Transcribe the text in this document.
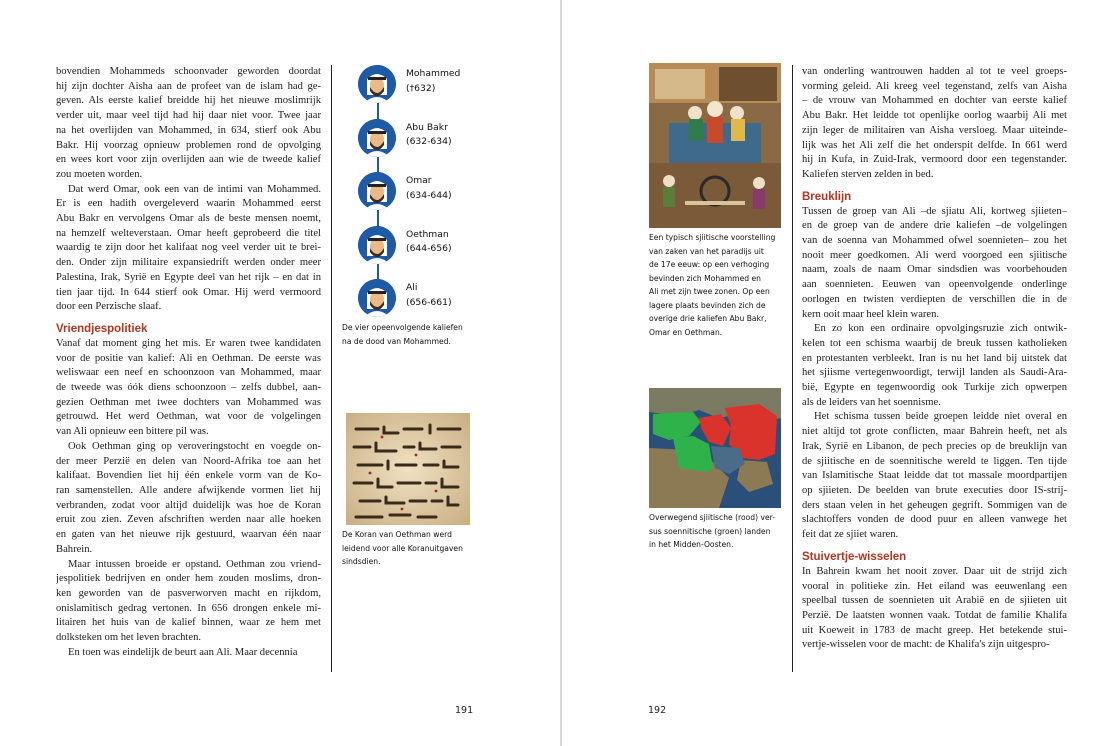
bovendien Mohammeds schoonvader geworden doordat
hij zijn dochter Aisha aan de profeet van de islam had ge-
geven. Als eerste kalief breidde hij het nieuwe moslimrijk
verder uit, maar veel tijd had hij daar niet voor. Twee jaar
na het overlijden van Mohammed, in 634, stierf ook Abu
Bakr. Hij voorzag opnieuw problemen rond de opvolging
en wees kort voor zijn overlijden aan wie de tweede kalief
zou moeten worden.
Dat werd Omar, ook een van de intimi van Mohammed.
Er is een hadith overgeleverd waarin Mohammed eerst
Abu Bakr en vervolgens Omar als de beste mensen noemt,
na hemzelf welteverstaan. Omar heeft geprobeerd die titel
waardig te zijn door het kalifaat nog veel verder uit te brei-
den. Onder zijn militaire expansiedrift werden onder meer
Palestina, Irak, Syrië en Egypte deel van het rijk – en dat in
tien jaar tijd. In 644 stierf ook Omar. Hij werd vermoord
door een Perzische slaaf.
Vriendjespolitiek
Vanaf dat moment ging het mis. Er waren twee kandidaten
voor de positie van kalief: Ali en Oethman. De eerste was
weliswaar een neef en schoonzoon van Mohammed, maar
de tweede was óók diens schoonzoon – zelfs dubbel, aan-
gezien Oethman met twee dochters van Mohammed was
getrouwd. Het werd Oethman, wat voor de volgelingen
van Ali opnieuw een bittere pil was.
Ook Oethman ging op veroveringstocht en voegde on-
der meer Perzië en delen van Noord-Afrika toe aan het
kalifaat. Bovendien liet hij één enkele vorm van de Ko-
ran samenstellen. Alle andere afwijkende vormen liet hij
verbranden, zodat voor altijd duidelijk was hoe de Koran
eruit zou zien. Zeven afschriften werden naar alle hoeken
en gaten van het nieuwe rijk gestuurd, waarvan één naar
Bahrein.
Maar intussen broeide er opstand. Oethman zou vriend-
jespolitiek bedrijven en onder hem zouden moslims, dron-
ken geworden van de pasverworven macht en rijkdom,
onislamitisch gedrag vertonen. In 656 drongen enkele mi-
litairen het huis van de kalief binnen, waar ze hem met
dolksteken om het leven brachten.
En toen was eindelijk de beurt aan Ali. Maar decennia
Mohammed
(†632)
Abu Bakr
(632-634)
Omar
(634-644)
Oethman
(644-656)
Ali
(656-661)
De vier opeenvolgende kaliefen
na de dood van Mohammed.
De Koran van Oethman werd
leidend voor alle Koranuitgaven
sindsdien.
191
Een typisch sjiitische voorstelling
van zaken van het paradijs uit
de 17e eeuw: op een verhoging
bevinden zich Mohammed en
Ali met zijn twee zonen. Op een
lagere plaats bevinden zich de
overige drie kaliefen Abu Bakr,
Omar en Oethman.
Overwegend sjiitische (rood) ver-
sus soennitische (groen) landen
in het Midden-Oosten.
van onderling wantrouwen hadden al tot te veel groeps-
vorming geleid. Ali kreeg veel tegenstand, zelfs van Aisha
– de vrouw van Mohammed en dochter van eerste kalief
Abu Bakr. Het leidde tot openlijke oorlog waarbij Ali met
zijn leger de militairen van Aisha versloeg. Maar uiteinde-
lijk was het Ali zelf die het onderspit delfde. In 661 werd
hij in Kufa, in Zuid-Irak, vermoord door een tegenstander.
Kaliefen sterven zelden in bed.
Breuklijn
Tussen de groep van Ali –de sjiatu Ali, kortweg sjiieten–
en de groep van de andere drie kaliefen –de volgelingen
van de soenna van Mohammed ofwel soennieten– zou het
nooit meer goedkomen. Ali werd voorgoed een sjiitische
naam, zoals de naam Omar sindsdien was voorbehouden
aan soennieten. Eeuwen van opeenvolgende onderlinge
oorlogen en twisten verdiepten de verschillen die in de
kern ooit maar heel klein waren.
En zo kon een ordinaire opvolgingsruzie zich ontwik-
kelen tot een schisma waarbij de breuk tussen katholieken
en protestanten verbleekt. Iran is nu het land bij uitstek dat
het sjiisme vertegenwoordigt, terwijl landen als Saudi-Ara-
bië, Egypte en tegenwoordig ook Turkije zich opwerpen
als de leiders van het soennisme.
Het schisma tussen beide groepen leidde niet overal en
niet altijd tot grote conflicten, maar Bahrein heeft, net als
Irak, Syrië en Libanon, de pech precies op de breuklijn van
de sjiitische en de soennitische wereld te liggen. Ten tijde
van Islamitische Staat leidde dat tot massale moordpartijen
op sjiieten. De beelden van brute executies door IS-strij-
ders staan velen in het geheugen gegrift. Sommigen van de
slachtoffers vonden de dood puur en alleen vanwege het
feit dat ze sjiiet waren.
Stuivertje-wisselen
In Bahrein kwam het nooit zover. Daar uit de strijd zich
vooral in politieke zin. Het eiland was eeuwenlang een
speelbal tussen de soennieten uit Arabië en de sjiieten uit
Perzië. De laatsten wonnen vaak. Totdat de familie Khalifa
uit Koeweit in 1783 de macht greep. Het betekende stui-
vertje-wisselen voor de macht: de Khalifa's zijn uitgespro-
192
